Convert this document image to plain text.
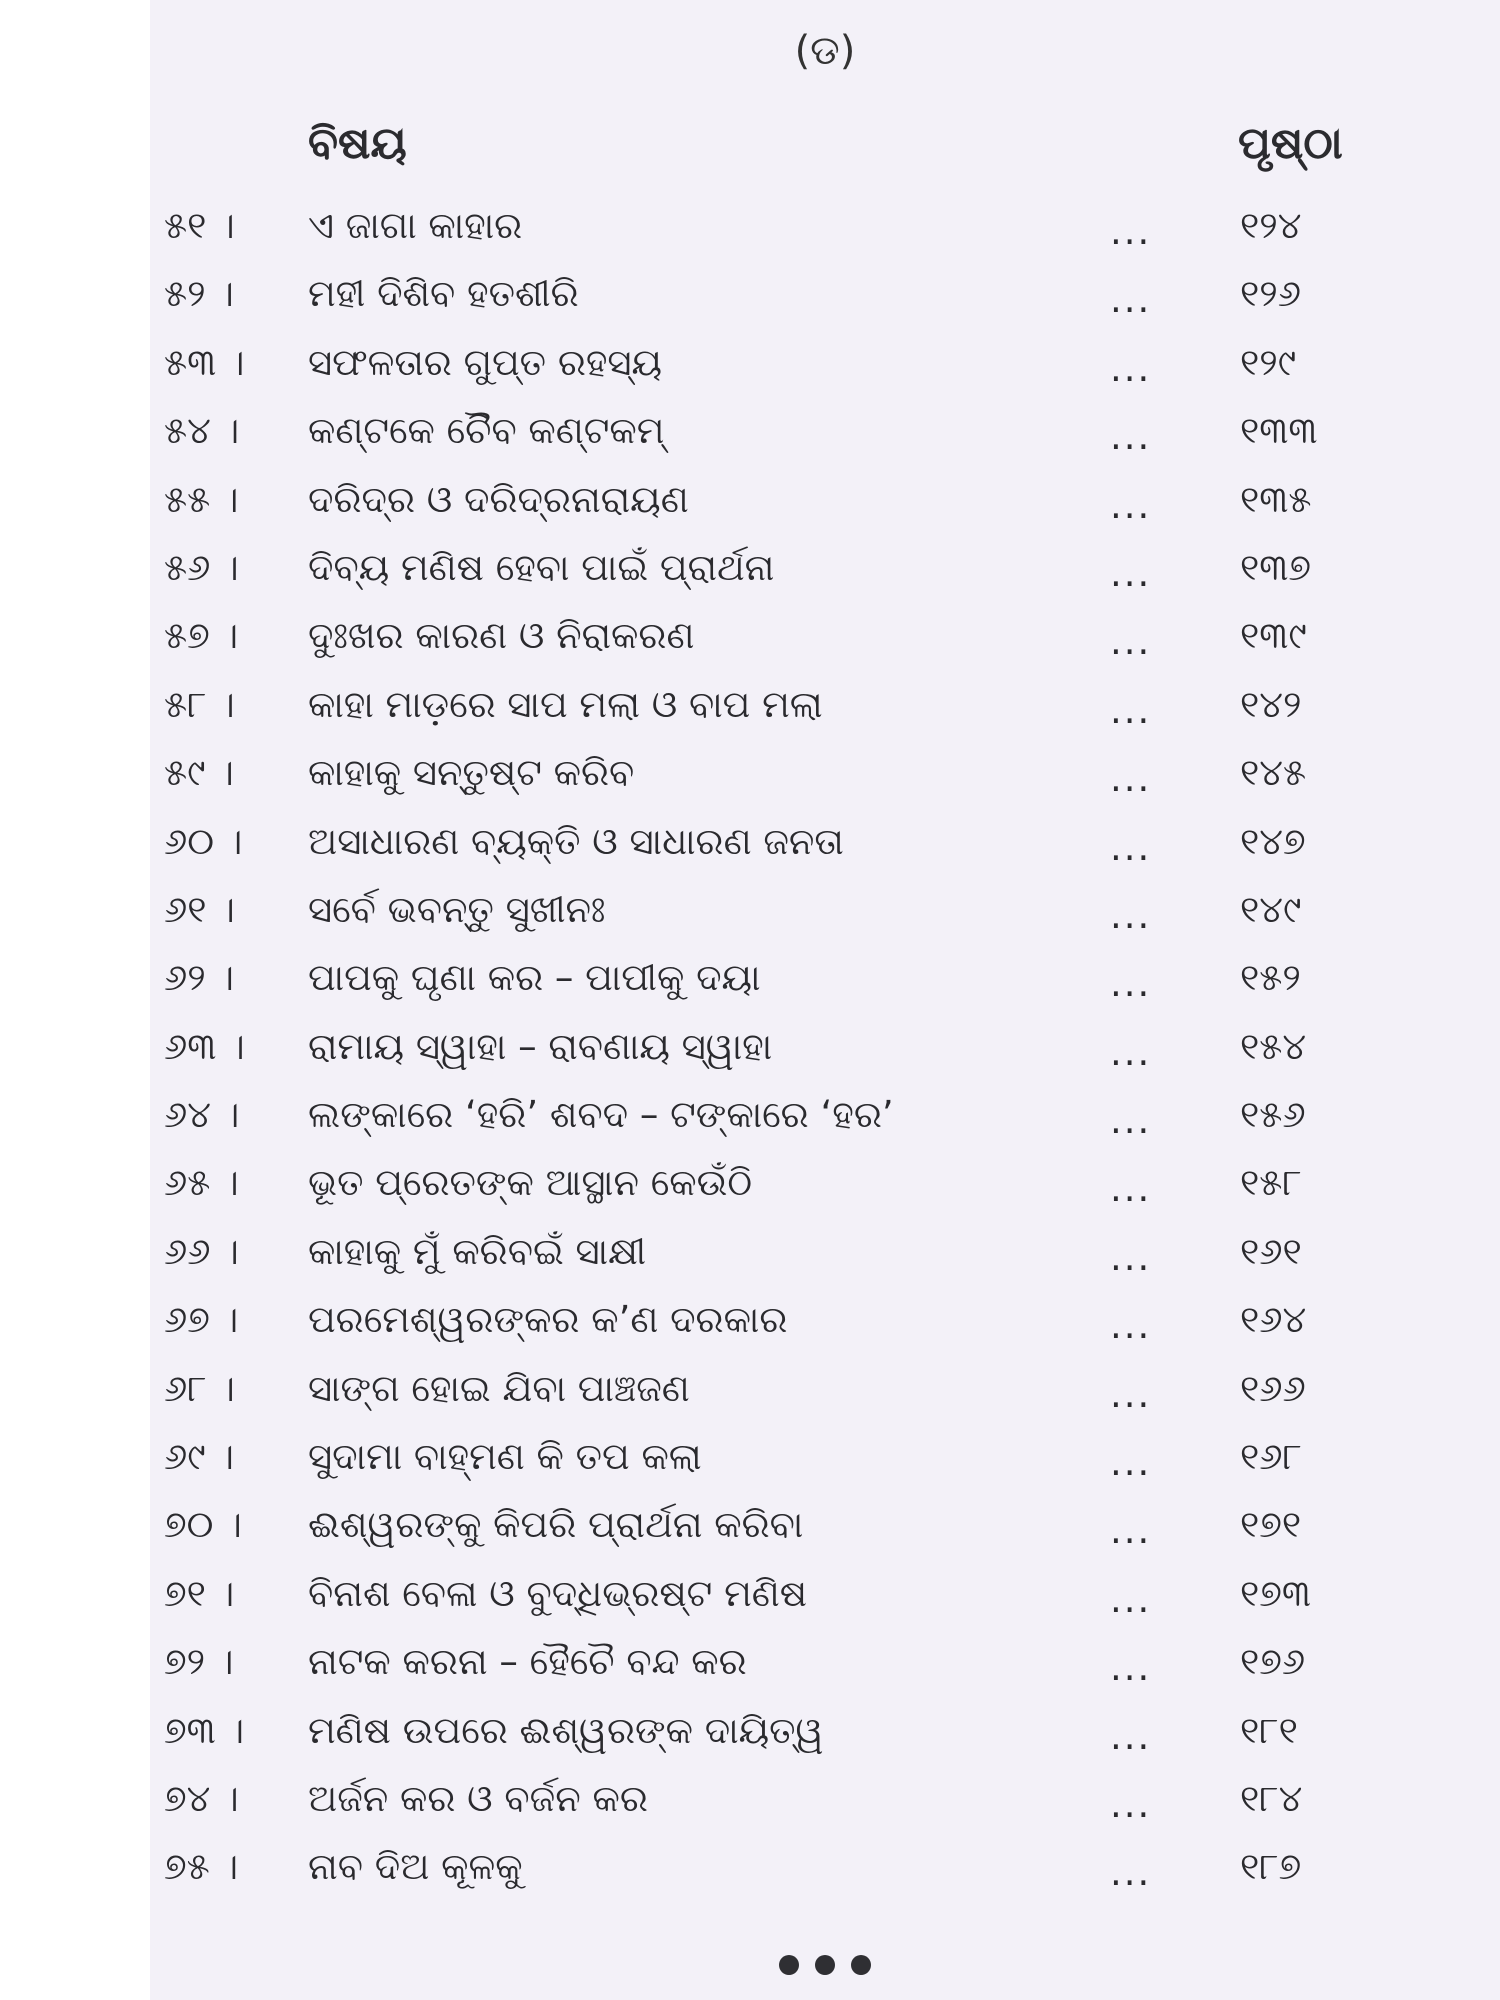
(ଡ)
ବିଷୟ	ପୃଷ୍ଠା
୫୧ । ଏ ଜାଗା କାହାର	... ୧୨୪
୫୨ । ମହୀ ଦିଶିବ ହତଶୀରି	... ୧୨୬
୫୩ । ସଫଳତାର ଗୁପ୍ତ ରହସ୍ୟ	... ୧୨୯
୫୪ । କଣ୍ଟକେ ଚୈିବ କଣ୍ଟକମ୍	... ୧୩୩
୫୫ । ଦରିଦ୍ର ଓ ଦରିଦ୍ରନାରାୟଣ	... ୧୩୫
୫୬ । ଦିବ୍ୟ ମଣିଷ ହେବା ପାଇଁ ପ୍ରାର୍ଥନା	... ୧୩୭
୫୭ । ଦୁଃଖର କାରଣ ଓ ନିରାକରଣ	... ୧୩୯
୫୮ । କାହା ମାଡ଼ରେ ସାପ ମଲା ଓ ବାପ ମଲା	... ୧୪୨
୫୯ । କାହାକୁ ସନ୍ତୁଷ୍ଟ କରିବ	... ୧୪୫
୬୦ । ଅସାଧାରଣ ବ୍ୟକ୍ତି ଓ ସାଧାରଣ ଜନତା	... ୧୪୭
୬୧ । ସର୍ବେ ଭବନ୍ତୁ ସୁଖୀନଃ	... ୧୪୯
୬୨ । ପାପକୁ ଘୃଣା କର – ପାପୀକୁ ଦୟା	... ୧୫୨
୬୩ । ରାମାୟ ସ୍ୱାହା – ରାବଣାୟ ସ୍ୱାହା	... ୧୫୪
୬୪ । ଲଙ୍କାରେ ‘ହରି’ ଶବଦ – ଟଙ୍କାରେ ‘ହର’	... ୧୫୬
୬୫ । ଭୂତ ପ୍ରେତଙ୍କ ଆସ୍ଥାନ କେଉଁଠି	... ୧୫୮
୬୬ । କାହାକୁ ମୁଁ କରିବଇଁ ସାକ୍ଷୀ	... ୧୬୧
୬୭ । ପରମେଶ୍ୱରଙ୍କର କ’ଣ ଦରକାର	... ୧୬୪
୬୮ । ସାଙ୍ଗ ହୋଇ ଯିବା ପାଞ୍ଚଜଣ	... ୧୬୬
୬୯ । ସୁଦାମା ବାହ୍ମଣ କି ତପ କଲା	... ୧୬୮
୭୦ । ଈଶ୍ୱରଙ୍କୁ କିପରି ପ୍ରାର୍ଥନା କରିବା	... ୧୭୧
୭୧ । ବିନାଶ ବେଳା ଓ ବୁଦ୍ଧିଭ୍ରଷ୍ଟ ମଣିଷ	... ୧୭୩
୭୨ । ନାଟକ କରନା – ହୈଚୈ ବନ୍ଦ କର	... ୧୭୬
୭୩ । ମଣିଷ ଉପରେ ଈଶ୍ୱରଙ୍କ ଦାୟିତ୍ୱ	... ୧୮୧
୭୪ । ଅର୍ଜନ କର ଓ ବର୍ଜନ କର	... ୧୮୪
୭୫ । ନାବ ଦିଅ କୂଳକୁ	... ୧୮୭
